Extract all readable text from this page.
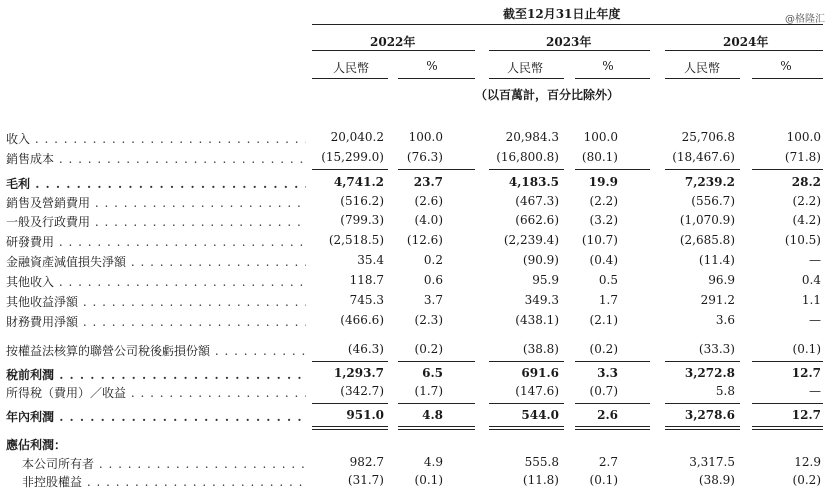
截至12月31日止年度	@格隆汇
2022年	2023年	2024年
人民幣	%	人民幣	%	人民幣	%
（以百萬計，百分比除外）
收入 . . .	20,040.2 100.0	20,984.3 100.0	25,706.8	100.0
銷售成本 . . .	(15,299.0) (76.3)	(16,800.8) (80.1)	(18,467.6)	(71.8)
毛利 . . .	4,741.2 23.7	4,183.5 19.9	7,239.2	28.2
銷售及營銷費用 . . .	(516.2)	(2.6)	(467.3)	(2.2)	(556.7)	(2.2)
一般及行政費用 . . .	(799.3)	(4.0)	(662.6)	(3.2)	(1,070.9)	(4.2)
研發費用 . . .	(2,518.5) (12.6)	(2,239.4) (10.7)	(2,685.8)	(10.5)
金融資產減值損失淨額 . . .	35.4	0.2	(90.9)	(0.4)	(11.4)	—
其他收入 . . .	118.7	0.6	95.9	0.5	96.9	0.4
其他收益淨額 . . .	745.3	3.7	349.3	1.7	291.2	1.1
財務費用淨額 . . .	(466.6)	(2.3)	(438.1)	(2.1)	3.6	—
按權益法核算的聯營公司稅後虧損份額 . . .	(46.3)	(0.2)	(38.8)	(0.2)	(33.3)	(0.1)
稅前利潤 . . .	1,293.7	6.5	691.6	3.3	3,272.8	12.7
所得稅（費用）／收益 . . .	(342.7)	(1.7)	(147.6)	(0.7)	5.8	—
年內利潤 . . .	951.0	4.8	544.0	2.6	3,278.6	12.7
應佔利潤：
本公司所有者 . . .	982.7	4.9	555.8	2.7	3,317.5	12.9
非控股權益 . . .	(31.7)	(0.1)	(11.8)	(0.1)	(38.9)	(0.2)
